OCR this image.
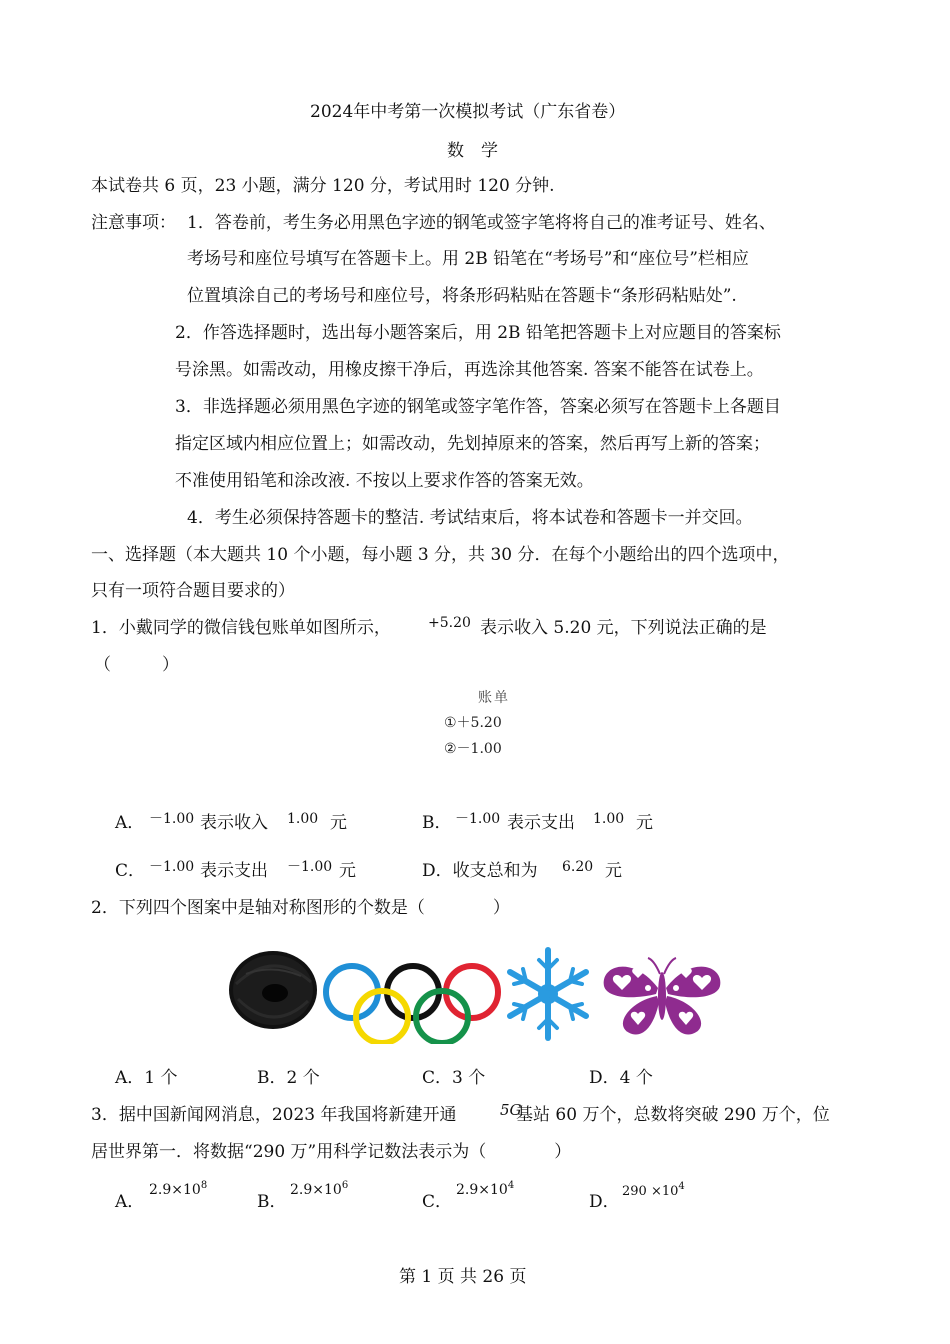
2024年中考第一次模拟考试（广东省卷）
数　学
本试卷共 6 页，23 小题，满分 120 分，考试用时 120 分钟.
注意事项： 1．答卷前，考生务必用黑色字迹的钢笔或签字笔将将自己的准考证号、姓名、
考场号和座位号填写在答题卡上。用 2B 铅笔在“考场号”和“座位号”栏相应
位置填涂自己的考场号和座位号，将条形码粘贴在答题卡“条形码粘贴处”.
2．作答选择题时，选出每小题答案后，用 2B 铅笔把答题卡上对应题目的答案标
号涂黑。如需改动，用橡皮擦干净后，再选涂其他答案. 答案不能答在试卷上。
3．非选择题必须用黑色字迹的钢笔或签字笔作答，答案必须写在答题卡上各题目
指定区域内相应位置上；如需改动，先划掉原来的答案，然后再写上新的答案；
不准使用铅笔和涂改液. 不按以上要求作答的答案无效。
4．考生必须保持答题卡的整洁. 考试结束后，将本试卷和答题卡一并交回。
一、选择题（本大题共 10 个小题，每小题 3 分，共 30 分．在每个小题给出的四个选项中，
只有一项符合题目要求的）
1．小戴同学的微信钱包账单如图所示，	+5.20 表示收入 5.20 元，下列说法正确的是
（　　　）
账单
①＋5.20
②－1.00
A． －1.00 表示收入 1.00 元	B． －1.00 表示支出 1.00 元
C． －1.00 表示支出 －1.00 元	D．收支总和为 6.20 元
2．下列四个图案中是轴对称图形的个数是（　　　　）
A．1 个	B．2 个	C．3 个	D．4 个
3．据中国新闻网消息，2023 年我国将新建开通	5G
基站 60 万个，总数将突破 290 万个，位
居世界第一．将数据“290 万”用科学记数法表示为（　　　　）
A．
$2.9\times 10^8$
B．
$2.9\times 10^6$
C．
$2.9\times 10^4$
D．
$290 \times 10^4$
第 1 页 共 26 页
